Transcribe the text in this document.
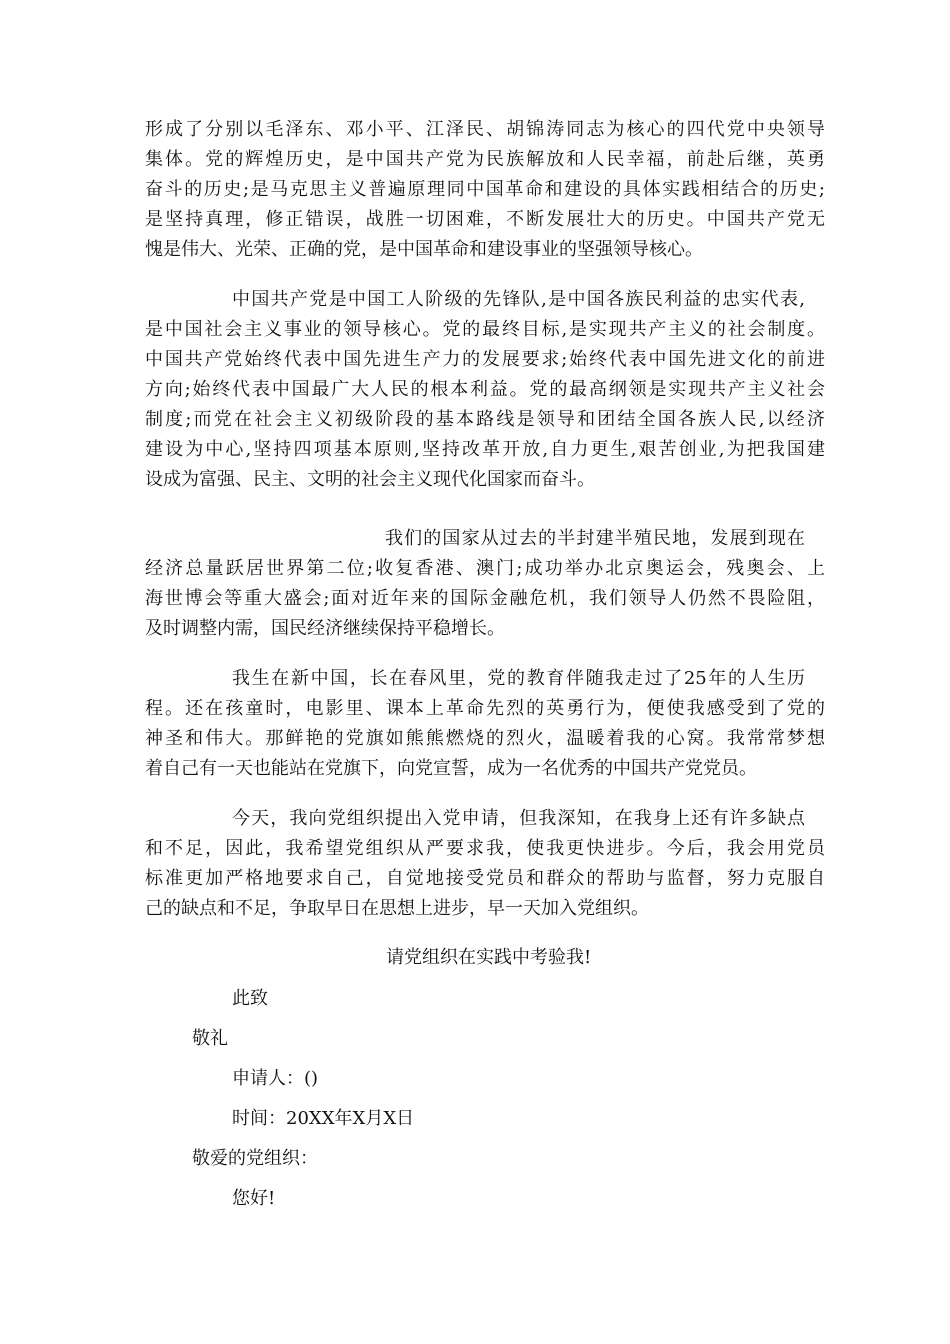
形成了分别以毛泽东、邓小平、江泽民、胡锦涛同志为核心的四代党中央领导
集体。党的辉煌历史，是中国共产党为民族解放和人民幸福，前赴后继，英勇
奋斗的历史;是马克思主义普遍原理同中国革命和建设的具体实践相结合的历史;
是坚持真理，修正错误，战胜一切困难，不断发展壮大的历史。中国共产党无
愧是伟大、光荣、正确的党，是中国革命和建设事业的坚强领导核心。
中国共产党是中国工人阶级的先锋队,是中国各族民利益的忠实代表,
是中国社会主义事业的领导核心。党的最终目标,是实现共产主义的社会制度。
中国共产党始终代表中国先进生产力的发展要求;始终代表中国先进文化的前进
方向;始终代表中国最广大人民的根本利益。党的最高纲领是实现共产主义社会
制度;而党在社会主义初级阶段的基本路线是领导和团结全国各族人民,以经济
建设为中心,坚持四项基本原则,坚持改革开放,自力更生,艰苦创业,为把我国建
设成为富强、民主、文明的社会主义现代化国家而奋斗。
我们的国家从过去的半封建半殖民地，发展到现在
经济总量跃居世界第二位;收复香港、澳门;成功举办北京奥运会，残奥会、上
海世博会等重大盛会;面对近年来的国际金融危机，我们领导人仍然不畏险阻，
及时调整内需，国民经济继续保持平稳增长。
我生在新中国，长在春风里，党的教育伴随我走过了25年的人生历
程。还在孩童时，电影里、课本上革命先烈的英勇行为，便使我感受到了党的
神圣和伟大。那鲜艳的党旗如熊熊燃烧的烈火，温暖着我的心窝。我常常梦想
着自己有一天也能站在党旗下，向党宣誓，成为一名优秀的中国共产党党员。
今天，我向党组织提出入党申请，但我深知，在我身上还有许多缺点
和不足，因此，我希望党组织从严要求我，使我更快进步。今后，我会用党员
标准更加严格地要求自己，自觉地接受党员和群众的帮助与监督，努力克服自
己的缺点和不足，争取早日在思想上进步，早一天加入党组织。
请党组织在实践中考验我!
此致
敬礼
申请人：()
时间：20XX年X月X日
敬爱的党组织：
您好!
